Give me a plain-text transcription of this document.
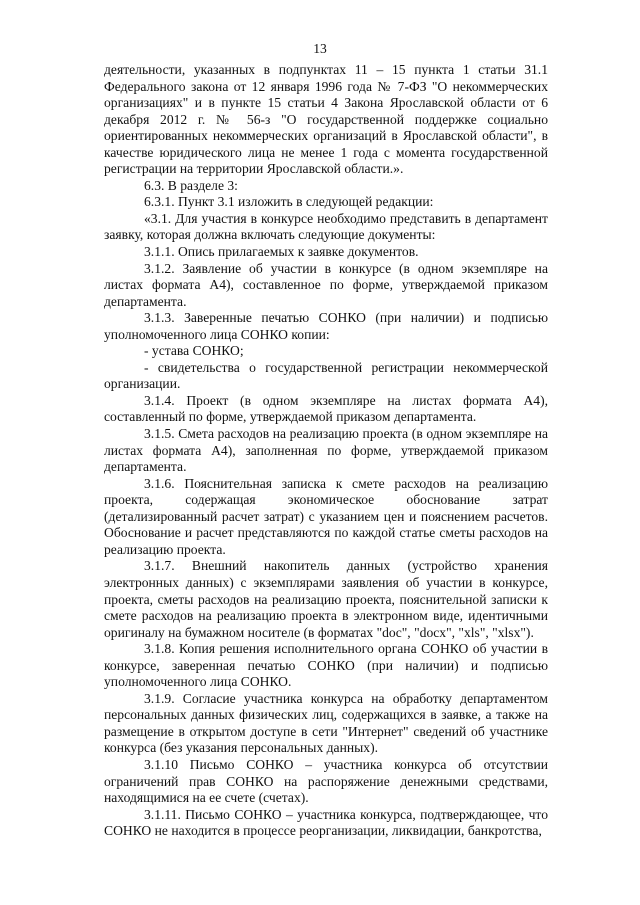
13

деятельности, указанных в подпунктах 11 – 15 пункта 1 статьи 31.1 Федерального закона от 12 января 1996 года № 7-ФЗ "О некоммерческих организациях" и в пункте 15 статьи 4 Закона Ярославской области от 6 декабря 2012 г. № 56-з "О государственной поддержке социально ориентированных некоммерческих организаций в Ярославской области", в качестве юридического лица не менее 1 года с момента государственной регистрации на территории Ярославской области.».

6.3. В разделе 3:

6.3.1. Пункт 3.1 изложить в следующей редакции:

«3.1. Для участия в конкурсе необходимо представить в департамент заявку, которая должна включать следующие документы:

3.1.1. Опись прилагаемых к заявке документов.

3.1.2. Заявление об участии в конкурсе (в одном экземпляре на листах формата А4), составленное по форме, утверждаемой приказом департамента.

3.1.3. Заверенные печатью СОНКО (при наличии) и подписью уполномоченного лица СОНКО копии:

- устава СОНКО;

- свидетельства о государственной регистрации некоммерческой организации.

3.1.4. Проект (в одном экземпляре на листах формата А4), составленный по форме, утверждаемой приказом департамента.

3.1.5. Смета расходов на реализацию проекта (в одном экземпляре на листах формата А4), заполненная по форме, утверждаемой приказом департамента.

3.1.6. Пояснительная записка к смете расходов на реализацию проекта, содержащая экономическое обоснование затрат (детализированный расчет затрат) с указанием цен и пояснением расчетов. Обоснование и расчет представляются по каждой статье сметы расходов на реализацию проекта.

3.1.7. Внешний накопитель данных (устройство хранения электронных данных) с экземплярами заявления об участии в конкурсе, проекта, сметы расходов на реализацию проекта, пояснительной записки к смете расходов на реализацию проекта в электронном виде, идентичными оригиналу на бумажном носителе (в форматах "doc", "docx", "xls", "xlsx").

3.1.8. Копия решения исполнительного органа СОНКО об участии в конкурсе, заверенная печатью СОНКО (при наличии) и подписью уполномоченного лица СОНКО.

3.1.9. Согласие участника конкурса на обработку департаментом персональных данных физических лиц, содержащихся в заявке, а также на размещение в открытом доступе в сети "Интернет" сведений об участнике конкурса (без указания персональных данных).

3.1.10 Письмо СОНКО – участника конкурса об отсутствии ограничений прав СОНКО на распоряжение денежными средствами, находящимися на ее счете (счетах).

3.1.11. Письмо СОНКО – участника конкурса, подтверждающее, что СОНКО не находится в процессе реорганизации, ликвидации, банкротства,
